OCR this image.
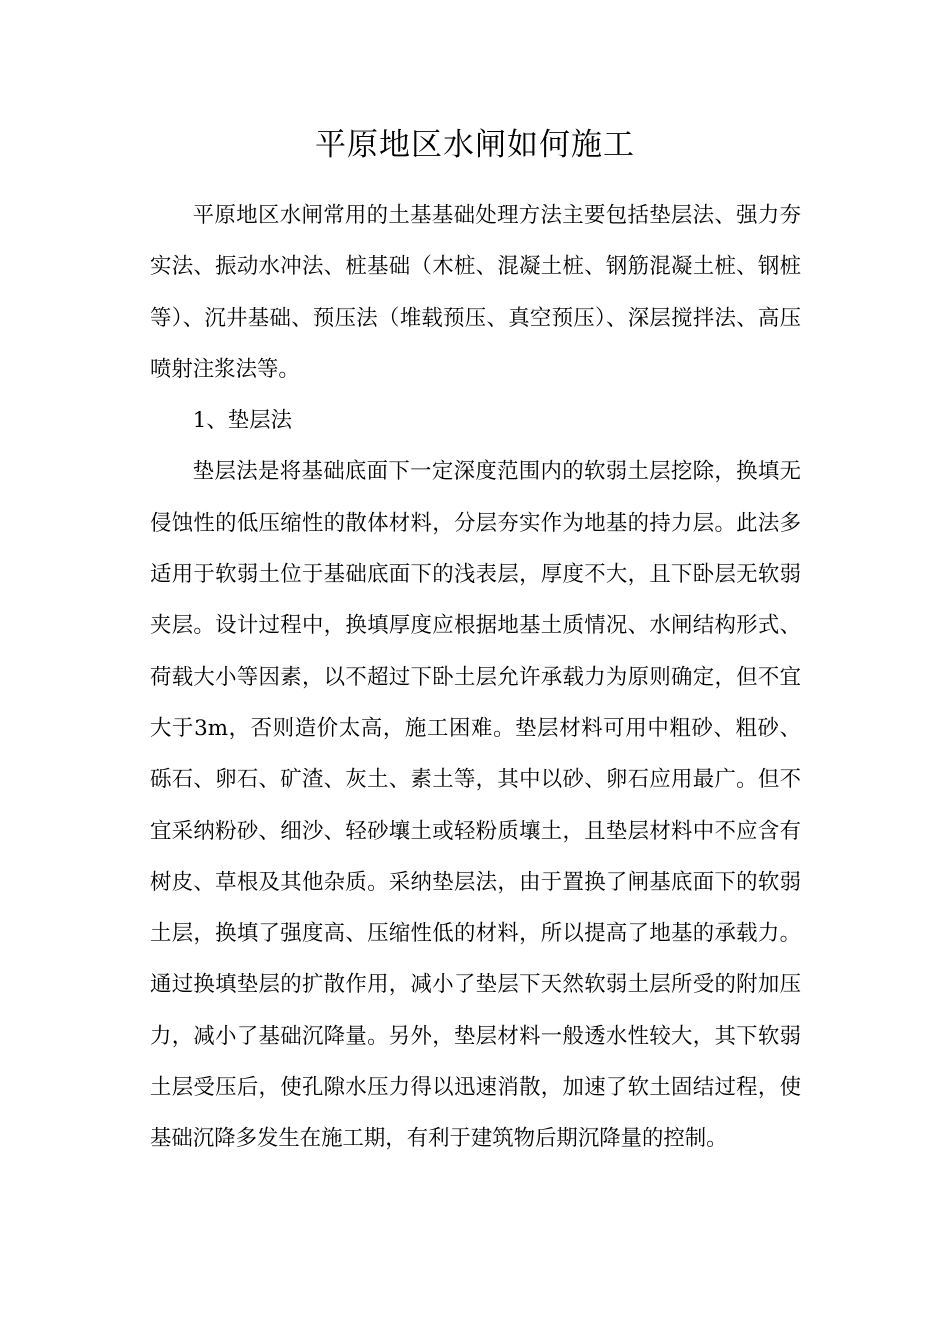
平原地区水闸如何施工

平原地区水闸常用的土基基础处理方法主要包括垫层法、强力夯实法、振动水冲法、桩基础（木桩、混凝土桩、钢筋混凝土桩、钢桩等）、沉井基础、预压法（堆载预压、真空预压）、深层搅拌法、高压喷射注浆法等。

1、垫层法

垫层法是将基础底面下一定深度范围内的软弱土层挖除，换填无侵蚀性的低压缩性的散体材料，分层夯实作为地基的持力层。此法多适用于软弱土位于基础底面下的浅表层，厚度不大，且下卧层无软弱夹层。设计过程中，换填厚度应根据地基土质情况、水闸结构形式、荷载大小等因素，以不超过下卧土层允许承载力为原则确定，但不宜大于3m，否则造价太高，施工困难。垫层材料可用中粗砂、粗砂、砾石、卵石、矿渣、灰土、素土等，其中以砂、卵石应用最广。但不宜采纳粉砂、细沙、轻砂壤土或轻粉质壤土，且垫层材料中不应含有树皮、草根及其他杂质。采纳垫层法，由于置换了闸基底面下的软弱土层，换填了强度高、压缩性低的材料，所以提高了地基的承载力。通过换填垫层的扩散作用，减小了垫层下天然软弱土层所受的附加压力，减小了基础沉降量。另外，垫层材料一般透水性较大，其下软弱土层受压后，使孔隙水压力得以迅速消散，加速了软土固结过程，使基础沉降多发生在施工期，有利于建筑物后期沉降量的控制。
